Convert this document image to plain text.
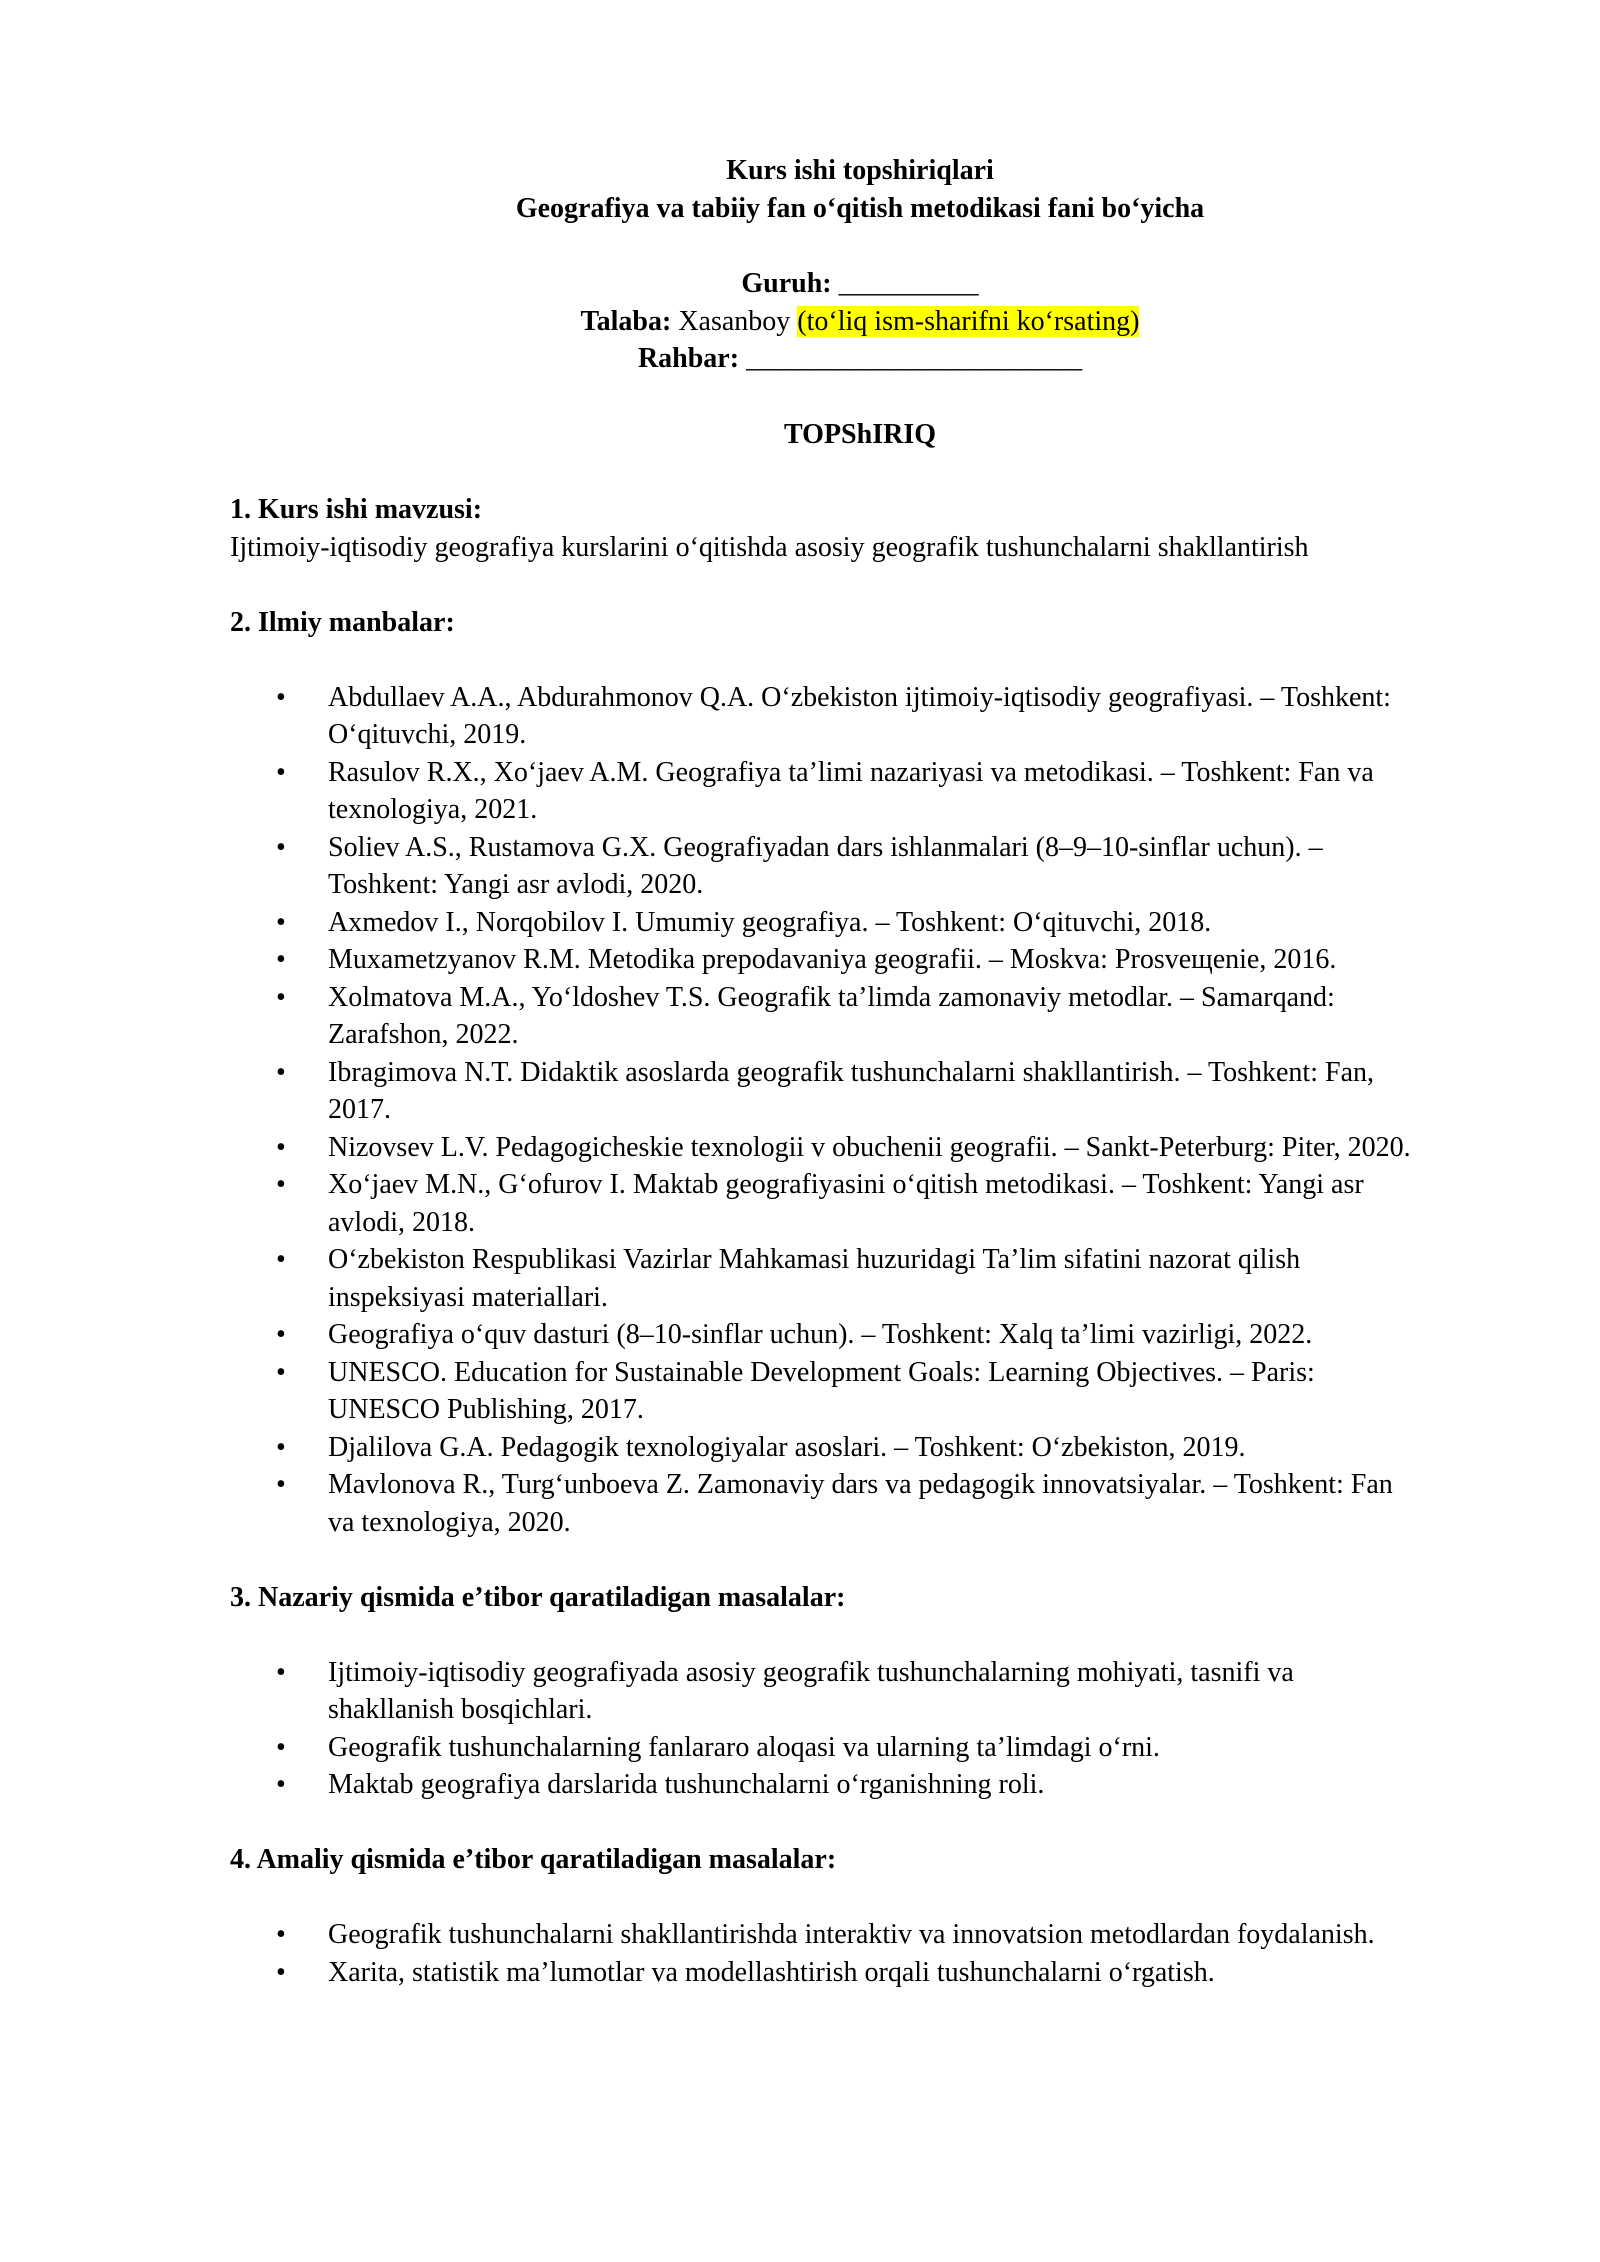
Kurs ishi topshiriqlari
Geografiya va tabiiy fan o‘qitish metodikasi fani bo‘yicha
Guruh: __________
Talaba: Xasanboy (to‘liq ism-sharifni ko‘rsating)
Rahbar: ________________________
TOPShIRIQ
1. Kurs ishi mavzusi:
Ijtimoiy-iqtisodiy geografiya kurslarini o‘qitishda asosiy geografik tushunchalarni shakllantirish
2. Ilmiy manbalar:
• Abdullaev A.A., Abdurahmonov Q.A. O‘zbekiston ijtimoiy-iqtisodiy geografiyasi. – Toshkent: O‘qituvchi, 2019.
• Rasulov R.X., Xo‘jaev A.M. Geografiya ta’limi nazariyasi va metodikasi. – Toshkent: Fan va texnologiya, 2021.
• Soliev A.S., Rustamova G.X. Geografiyadan dars ishlanmalari (8–9–10-sinflar uchun). – Toshkent: Yangi asr avlodi, 2020.
• Axmedov I., Norqobilov I. Umumiy geografiya. – Toshkent: O‘qituvchi, 2018.
• Muxametzyanov R.M. Metodika prepodavaniya geografii. – Moskva: Prosveщenie, 2016.
• Xolmatova M.A., Yo‘ldoshev T.S. Geografik ta’limda zamonaviy metodlar. – Samarqand: Zarafshon, 2022.
• Ibragimova N.T. Didaktik asoslarda geografik tushunchalarni shakllantirish. – Toshkent: Fan, 2017.
• Nizovsev L.V. Pedagogicheskie texnologii v obuchenii geografii. – Sankt-Peterburg: Piter, 2020.
• Xo‘jaev M.N., G‘ofurov I. Maktab geografiyasini o‘qitish metodikasi. – Toshkent: Yangi asr avlodi, 2018.
• O‘zbekiston Respublikasi Vazirlar Mahkamasi huzuridagi Ta’lim sifatini nazorat qilish inspeksiyasi materiallari.
• Geografiya o‘quv dasturi (8–10-sinflar uchun). – Toshkent: Xalq ta’limi vazirligi, 2022.
• UNESCO. Education for Sustainable Development Goals: Learning Objectives. – Paris: UNESCO Publishing, 2017.
• Djalilova G.A. Pedagogik texnologiyalar asoslari. – Toshkent: O‘zbekiston, 2019.
• Mavlonova R., Turg‘unboeva Z. Zamonaviy dars va pedagogik innovatsiyalar. – Toshkent: Fan va texnologiya, 2020.
3. Nazariy qismida e’tibor qaratiladigan masalalar:
• Ijtimoiy-iqtisodiy geografiyada asosiy geografik tushunchalarning mohiyati, tasnifi va shakllanish bosqichlari.
• Geografik tushunchalarning fanlararo aloqasi va ularning ta’limdagi o‘rni.
• Maktab geografiya darslarida tushunchalarni o‘rganishning roli.
4. Amaliy qismida e’tibor qaratiladigan masalalar:
• Geografik tushunchalarni shakllantirishda interaktiv va innovatsion metodlardan foydalanish.
• Xarita, statistik ma’lumotlar va modellashtirish orqali tushunchalarni o‘rgatish.
